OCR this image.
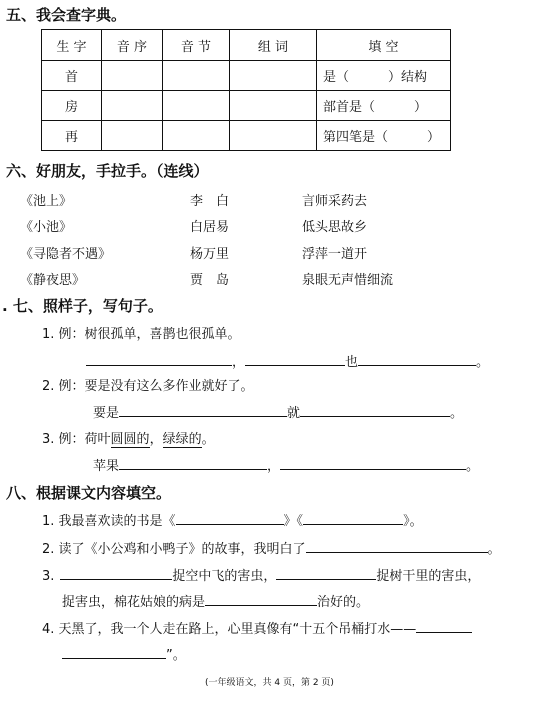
五、我会查字典。
生 字	音 序	音 节	组 词	填 空
首				是（　　　）结构
房				部首是（　　　）
再				第四笔是（　　　）
六、好朋友，手拉手。（连线）
《池上》
《小池》
《寻隐者不遇》
《静夜思》
李　白
白居易
杨万里
贾　岛
言师采药去
低头思故乡
浮萍一道开
泉眼无声惜细流
. 七、照样子，写句子。
1. 例：树很孤单，喜鹊也很孤单。
，	也	。
2. 例：要是没有这么多作业就好了。
要是	就	。
3. 例：荷叶圆圆的，绿绿的。
苹果	，	。
八、根据课文内容填空。
1. 我最喜欢读的书是《	》《	》。
2. 读了《小公鸡和小鸭子》的故事，我明白了	。
3.	捉空中飞的害虫，	捉树干里的害虫，
捉害虫，棉花姑娘的病是	治好的。
4. 天黑了，我一个人走在路上，心里真像有“十五个吊桶打水——
”。
(一年级语文，共 4 页，第 2 页)
